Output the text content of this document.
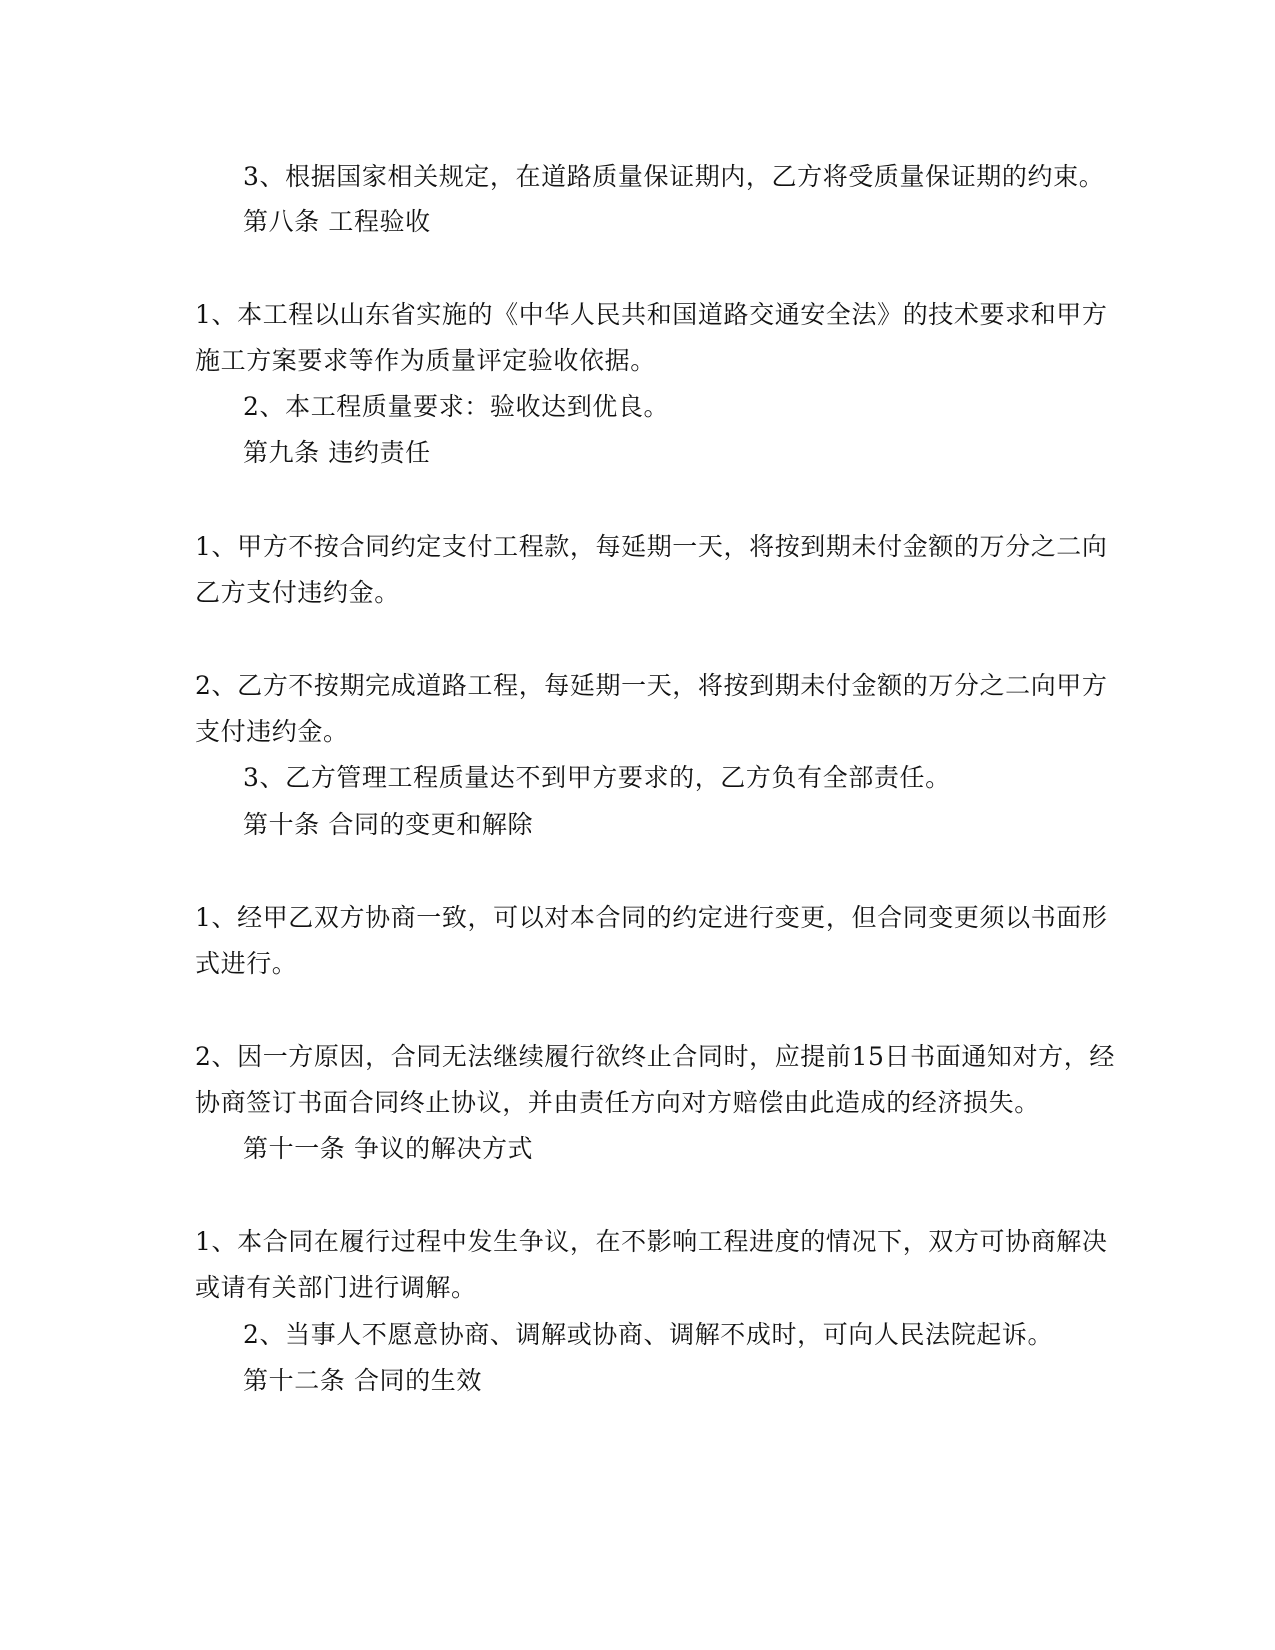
3、根据国家相关规定，在道路质量保证期内，乙方将受质量保证期的约束。
第八条 工程验收
1、本工程以山东省实施的《中华人民共和国道路交通安全法》的技术要求和甲方
施工方案要求等作为质量评定验收依据。
2、本工程质量要求：验收达到优良。
第九条 违约责任
1、甲方不按合同约定支付工程款，每延期一天，将按到期未付金额的万分之二向
乙方支付违约金。
2、乙方不按期完成道路工程，每延期一天，将按到期未付金额的万分之二向甲方
支付违约金。
3、乙方管理工程质量达不到甲方要求的，乙方负有全部责任。
第十条 合同的变更和解除
1、经甲乙双方协商一致，可以对本合同的约定进行变更，但合同变更须以书面形
式进行。
2、因一方原因，合同无法继续履行欲终止合同时，应提前15日书面通知对方，经
协商签订书面合同终止协议，并由责任方向对方赔偿由此造成的经济损失。
第十一条 争议的解决方式
1、本合同在履行过程中发生争议，在不影响工程进度的情况下，双方可协商解决
或请有关部门进行调解。
2、当事人不愿意协商、调解或协商、调解不成时，可向人民法院起诉。
第十二条 合同的生效
